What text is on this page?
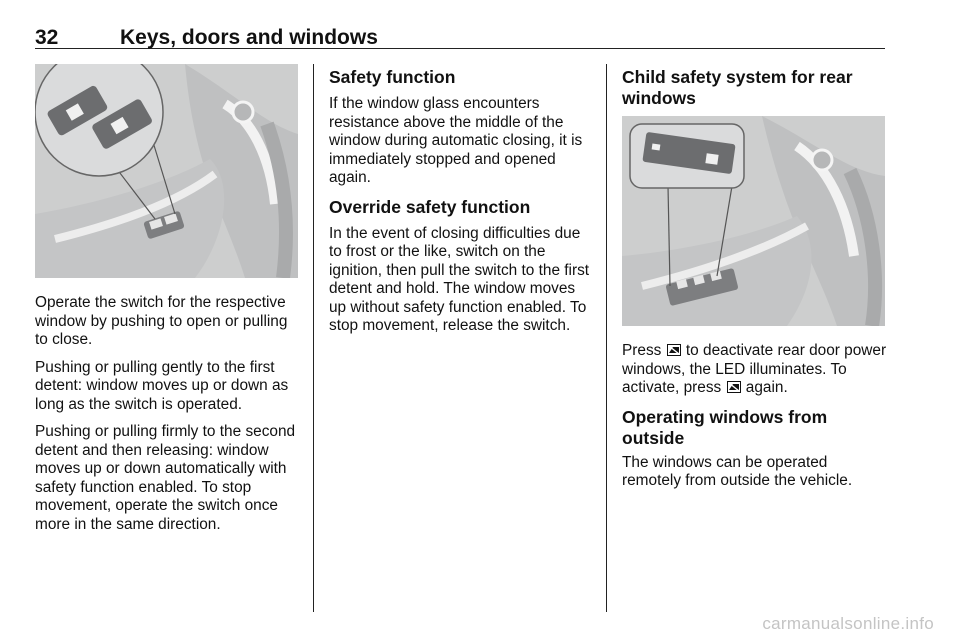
32	Keys, doors and windows

Operate the switch for the respective window by pushing to open or pulling to close.

Pushing or pulling gently to the first detent: window moves up or down as long as the switch is operated.

Pushing or pulling firmly to the second detent and then releasing: window moves up or down automatically with safety function enabled. To stop movement, operate the switch once more in the same direction.

Safety function

If the window glass encounters resistance above the middle of the window during automatic closing, it is immediately stopped and opened again.

Override safety function

In the event of closing difficulties due to frost or the like, switch on the ignition, then pull the switch to the first detent and hold. The window moves up without safety function enabled. To stop movement, release the switch.

Child safety system for rear windows

Press to deactivate rear door power windows, the LED illuminates. To activate, press again.

Operating windows from outside

The windows can be operated remotely from outside the vehicle.

carmanualsonline.info
